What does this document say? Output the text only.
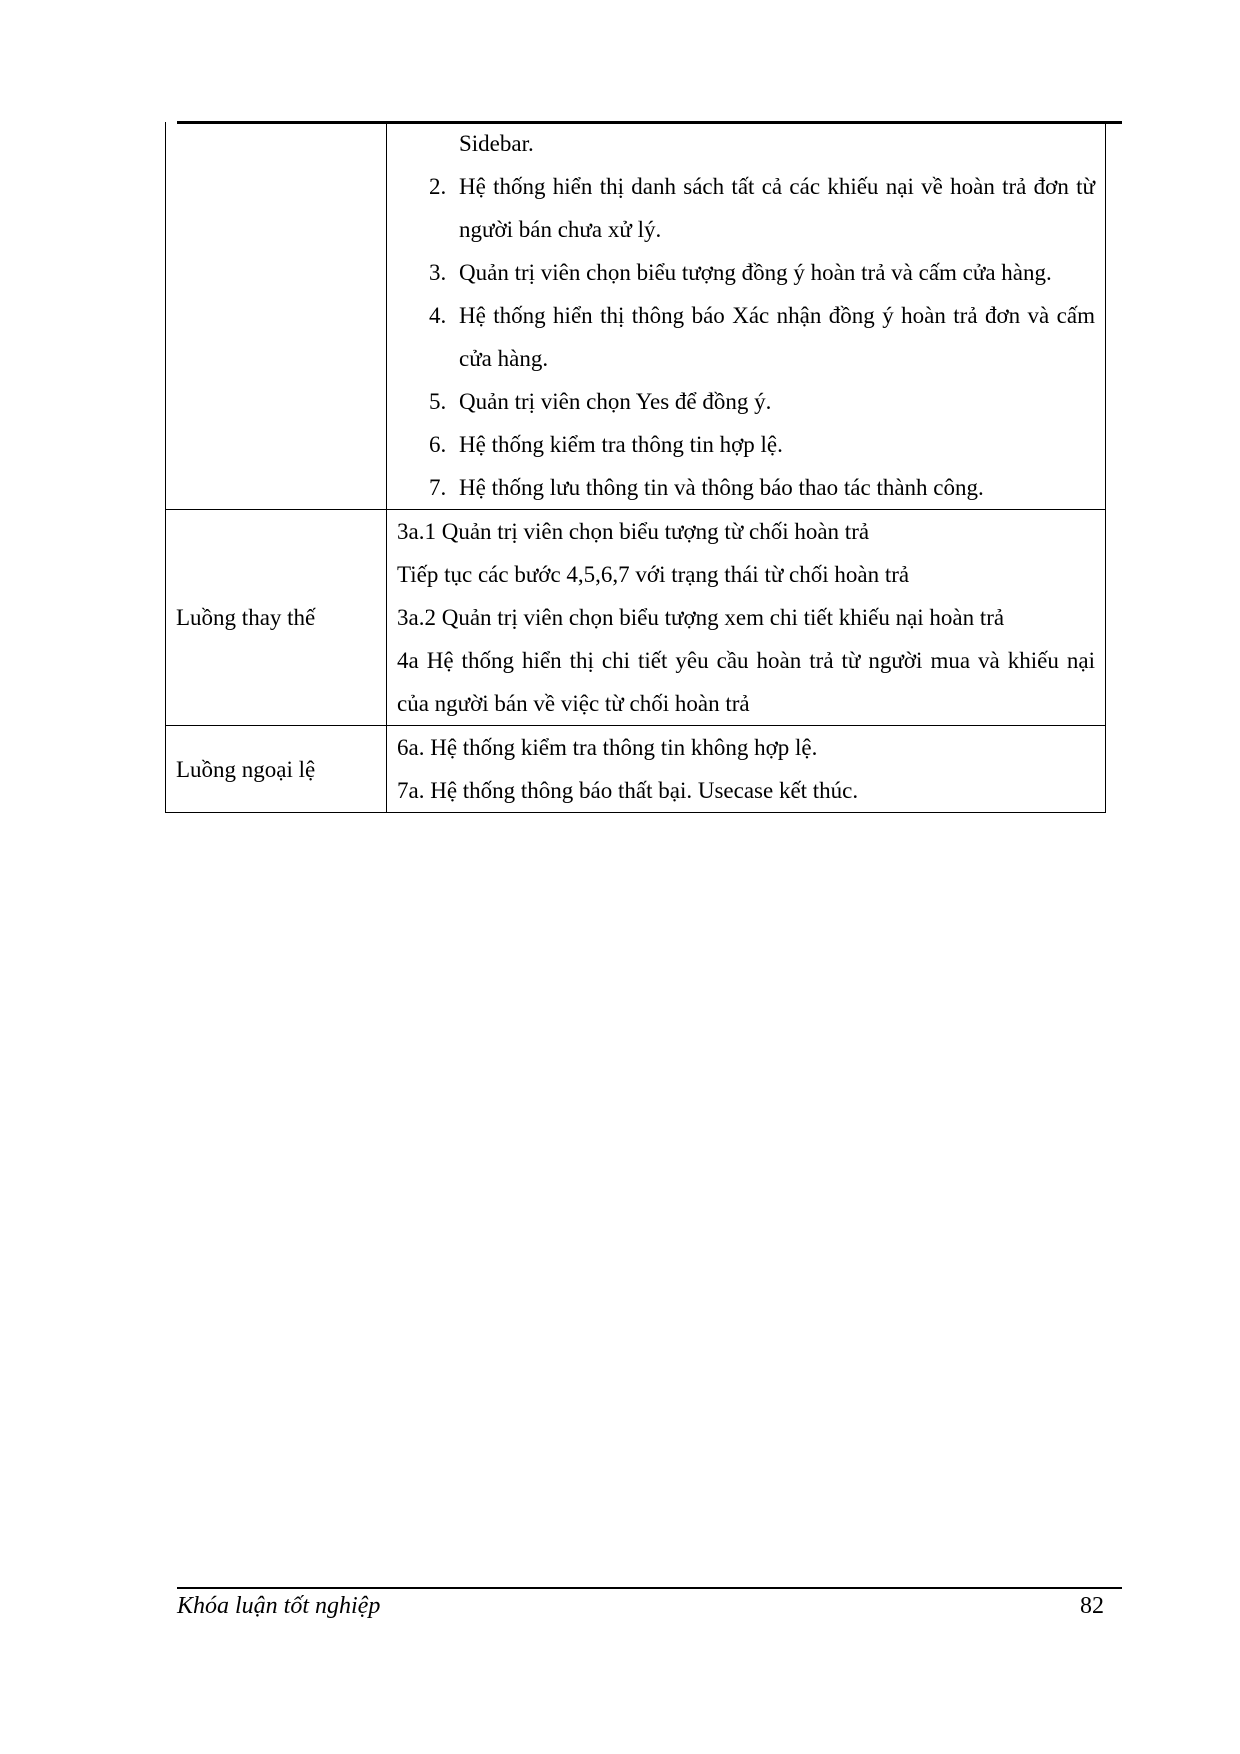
Sidebar.
2. Hệ thống hiển thị danh sách tất cả các khiếu nại về hoàn trả đơn từ người bán chưa xử lý.
3. Quản trị viên chọn biểu tượng đồng ý hoàn trả và cấm cửa hàng.
4. Hệ thống hiển thị thông báo Xác nhận đồng ý hoàn trả đơn và cấm cửa hàng.
5. Quản trị viên chọn Yes để đồng ý.
6. Hệ thống kiểm tra thông tin hợp lệ.
7. Hệ thống lưu thông tin và thông báo thao tác thành công.

Luồng thay thế	3a.1 Quản trị viên chọn biểu tượng từ chối hoàn trả
Tiếp tục các bước 4,5,6,7 với trạng thái từ chối hoàn trả
3a.2 Quản trị viên chọn biểu tượng xem chi tiết khiếu nại hoàn trả
4a Hệ thống hiển thị chi tiết yêu cầu hoàn trả từ người mua và khiếu nại của người bán về việc từ chối hoàn trả

Luồng ngoại lệ	6a. Hệ thống kiểm tra thông tin không hợp lệ.
7a. Hệ thống thông báo thất bại. Usecase kết thúc.
Khóa luận tốt nghiệp	82
